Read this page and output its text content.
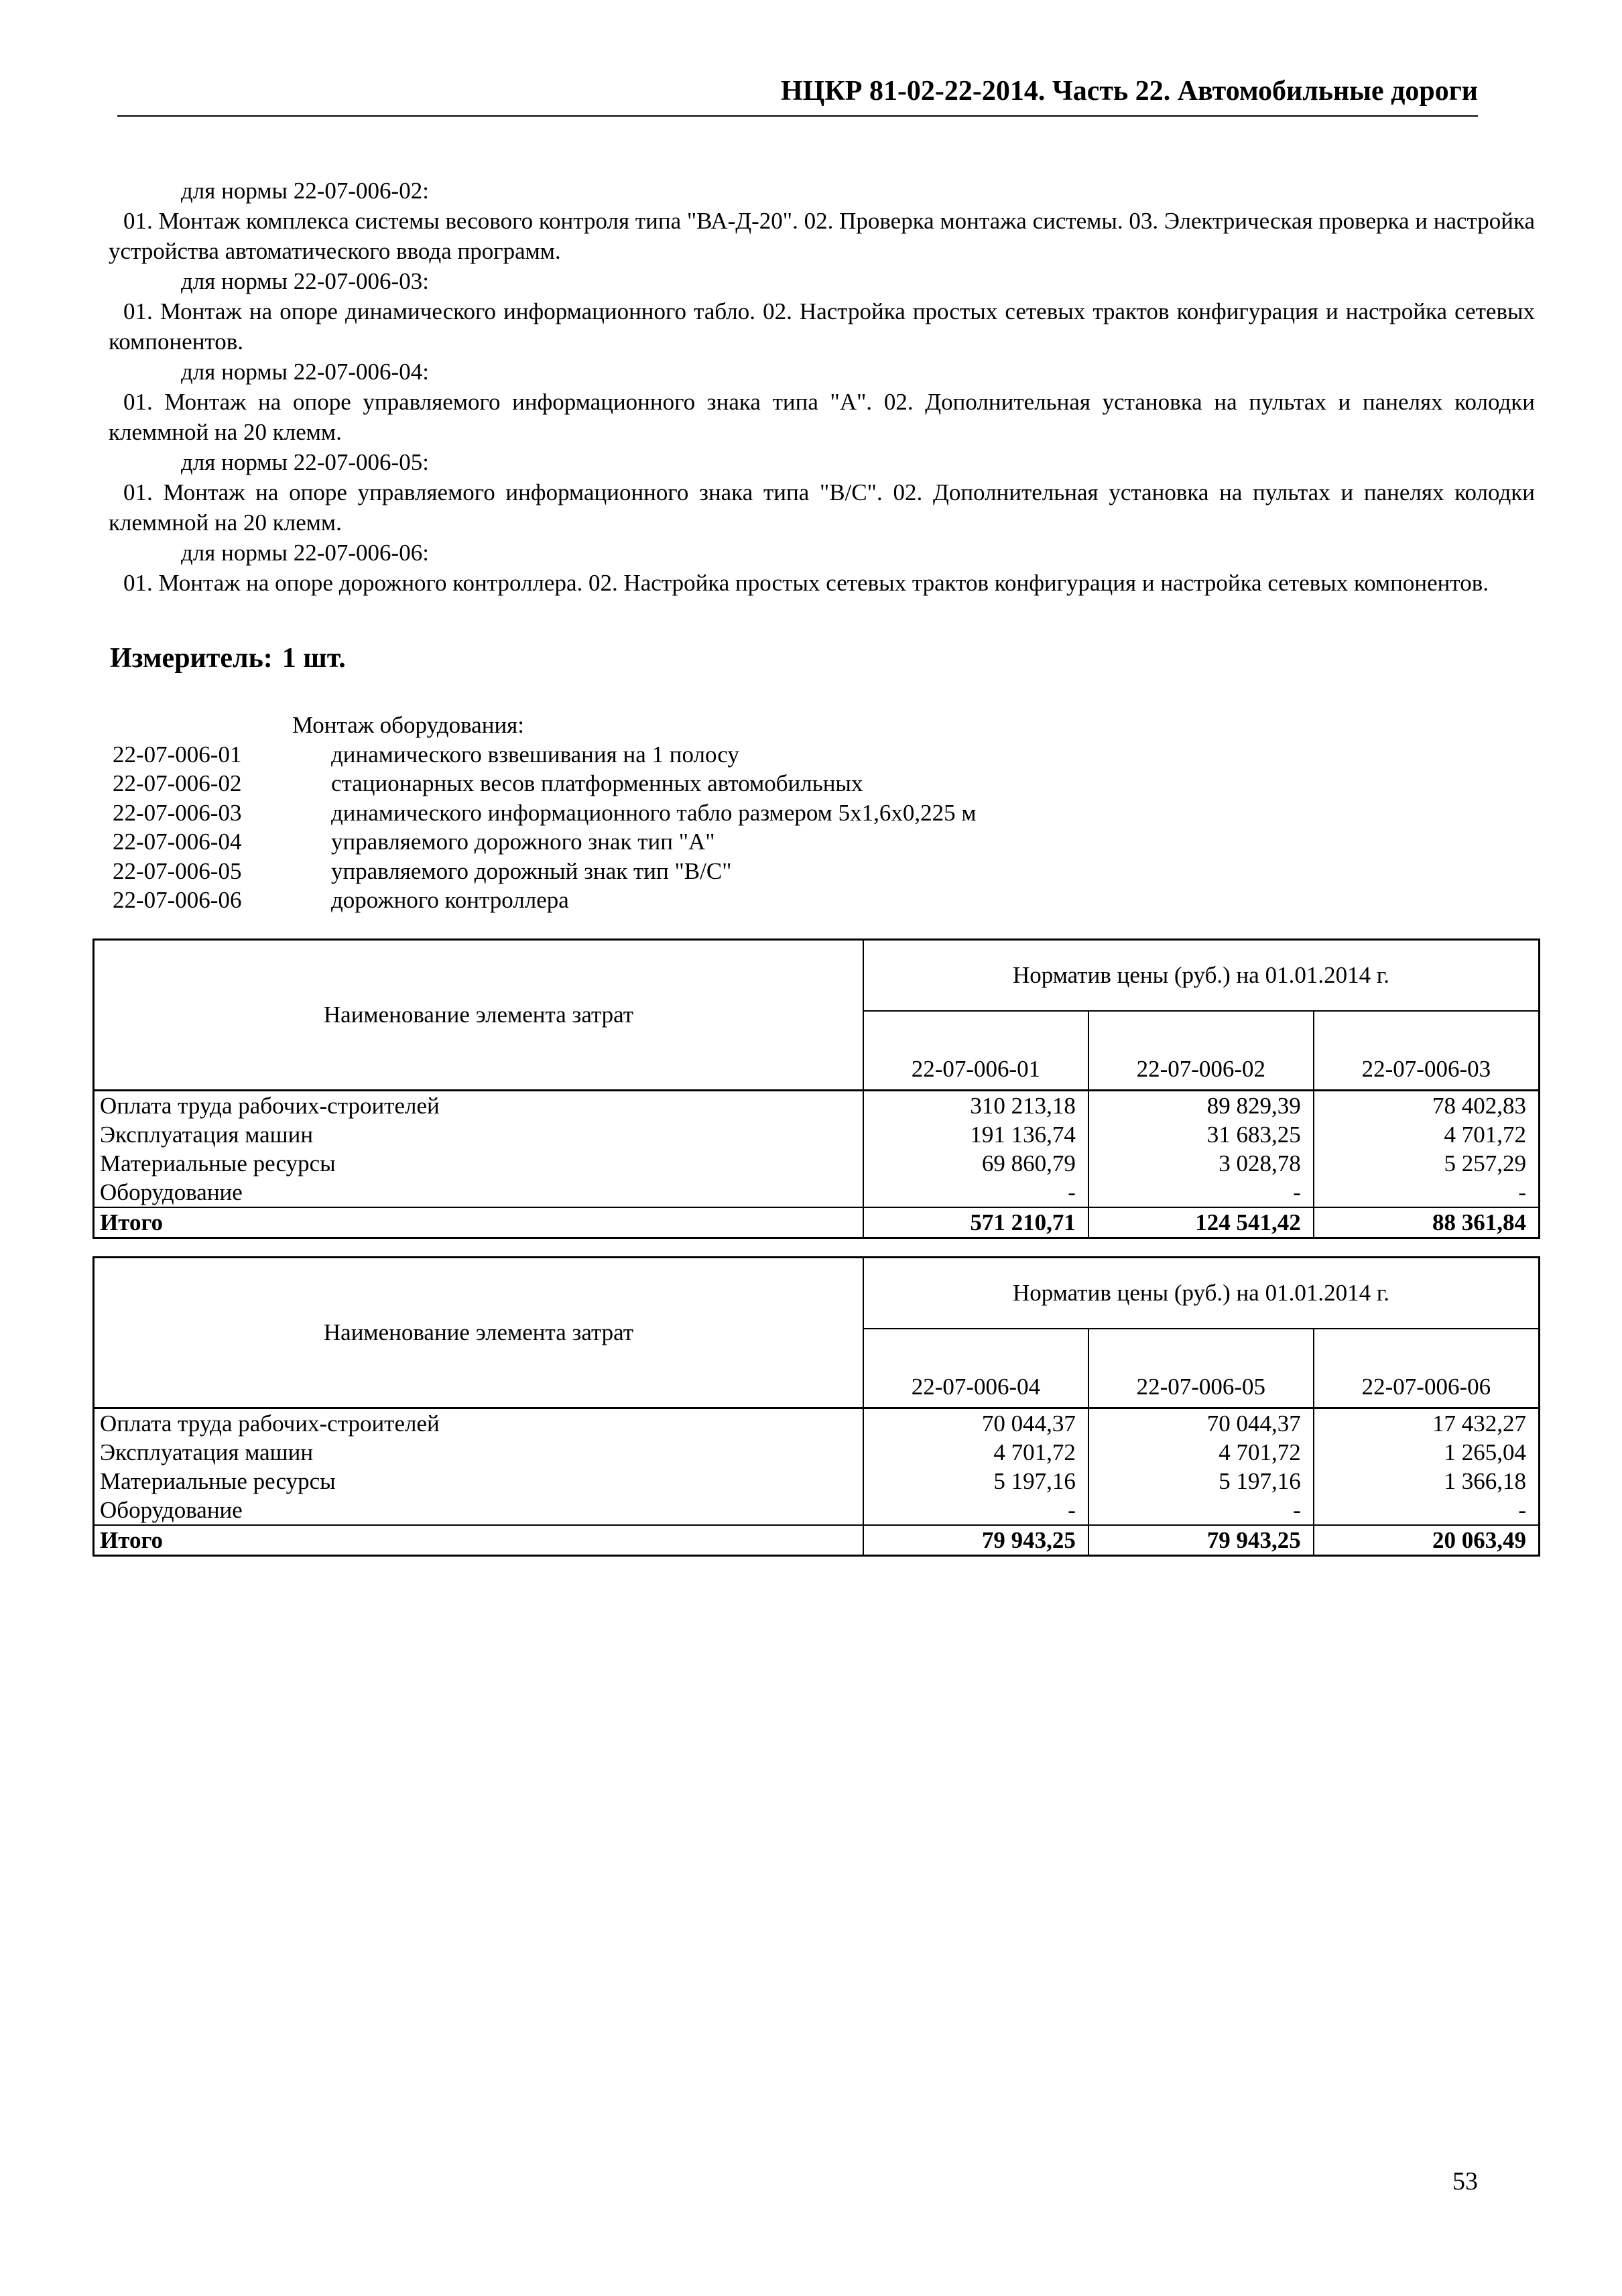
НЦКР 81-02-22-2014. Часть 22. Автомобильные дороги
для нормы 22-07-006-02:
01. Монтаж комплекса системы весового контроля типа "ВА-Д-20". 02. Проверка монтажа системы. 03. Электрическая проверка и настройка устройства автоматического ввода программ.
для нормы 22-07-006-03:
01. Монтаж на опоре динамического информационного табло. 02. Настройка простых сетевых трактов конфигурация и настройка сетевых компонентов.
для нормы 22-07-006-04:
01. Монтаж на опоре управляемого информационного знака типа "А". 02. Дополнительная установка на пультах и панелях колодки клеммной на 20 клемм.
для нормы 22-07-006-05:
01. Монтаж на опоре управляемого информационного знака типа "В/С". 02. Дополнительная установка на пультах и панелях колодки клеммной на 20 клемм.
для нормы 22-07-006-06:
01. Монтаж на опоре дорожного контроллера. 02. Настройка простых сетевых трактов конфигурация и настройка сетевых компонентов.
Измеритель: 1 шт.
Монтаж оборудования:
22-07-006-01	динамического взвешивания на 1 полосу
22-07-006-02	стационарных весов платформенных автомобильных
22-07-006-03	динамического информационного табло размером 5х1,6х0,225 м
22-07-006-04	управляемого дорожного знак тип "А"
22-07-006-05	управляемого дорожный знак тип "В/С"
22-07-006-06	дорожного контроллера
Наименование элемента затрат	Норматив цены (руб.) на 01.01.2014 г.		
	22-07-006-01	22-07-006-02	22-07-006-03
Оплата труда рабочих-строителей	310 213,18	89 829,39	78 402,83
Эксплуатация машин	191 136,74	31 683,25	4 701,72
Материальные ресурсы	69 860,79	3 028,78	5 257,29
Оборудование	-	-	-
Итого	571 210,71	124 541,42	88 361,84
Наименование элемента затрат	Норматив цены (руб.) на 01.01.2014 г.		
	22-07-006-04	22-07-006-05	22-07-006-06
Оплата труда рабочих-строителей	70 044,37	70 044,37	17 432,27
Эксплуатация машин	4 701,72	4 701,72	1 265,04
Материальные ресурсы	5 197,16	5 197,16	1 366,18
Оборудование	-	-	-
Итого	79 943,25	79 943,25	20 063,49
53
